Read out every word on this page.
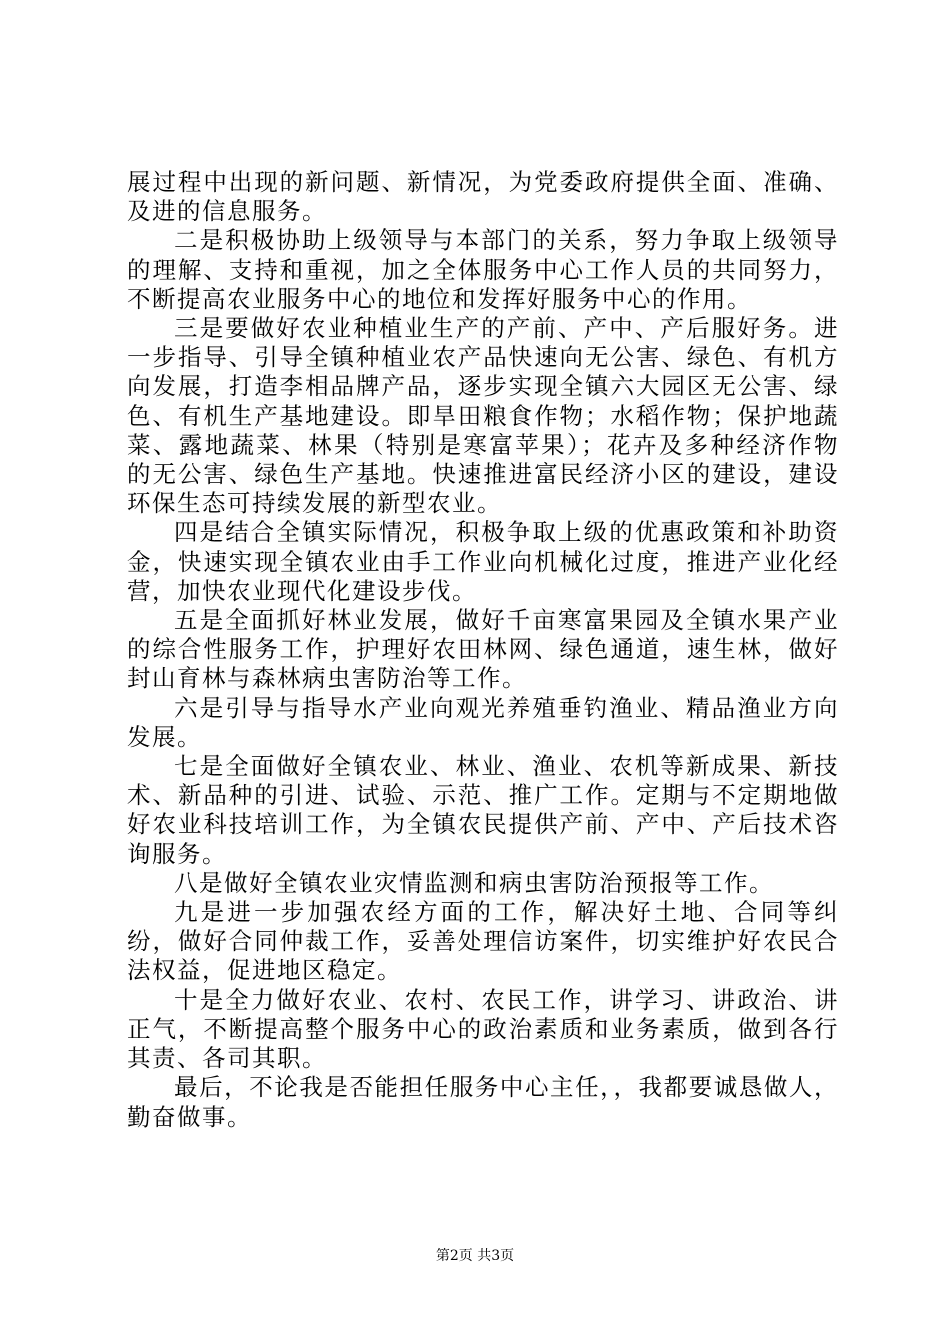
展过程中出现的新问题、新情况，为党委政府提供全面、准确、及进的信息服务。

二是积极协助上级领导与本部门的关系，努力争取上级领导的理解、支持和重视，加之全体服务中心工作人员的共同努力，不断提高农业服务中心的地位和发挥好服务中心的作用。

三是要做好农业种植业生产的产前、产中、产后服好务。进一步指导、引导全镇种植业农产品快速向无公害、绿色、有机方向发展，打造李相品牌产品，逐步实现全镇六大园区无公害、绿色、有机生产基地建设。即旱田粮食作物；水稻作物；保护地蔬菜、露地蔬菜、林果（特别是寒富苹果）；花卉及多种经济作物的无公害、绿色生产基地。快速推进富民经济小区的建设，建设环保生态可持续发展的新型农业。

四是结合全镇实际情况，积极争取上级的优惠政策和补助资金，快速实现全镇农业由手工作业向机械化过度，推进产业化经营，加快农业现代化建设步伐。

五是全面抓好林业发展，做好千亩寒富果园及全镇水果产业的综合性服务工作，护理好农田林网、绿色通道，速生林，做好封山育林与森林病虫害防治等工作。

六是引导与指导水产业向观光养殖垂钓渔业、精品渔业方向发展。

七是全面做好全镇农业、林业、渔业、农机等新成果、新技术、新品种的引进、试验、示范、推广工作。定期与不定期地做好农业科技培训工作，为全镇农民提供产前、产中、产后技术咨询服务。

八是做好全镇农业灾情监测和病虫害防治预报等工作。

九是进一步加强农经方面的工作，解决好土地、合同等纠纷，做好合同仲裁工作，妥善处理信访案件，切实维护好农民合法权益，促进地区稳定。

十是全力做好农业、农村、农民工作，讲学习、讲政治、讲正气，不断提高整个服务中心的政治素质和业务素质，做到各行其责、各司其职。

最后，不论我是否能担任服务中心主任，，我都要诚恳做人，勤奋做事。

第2页 共3页
